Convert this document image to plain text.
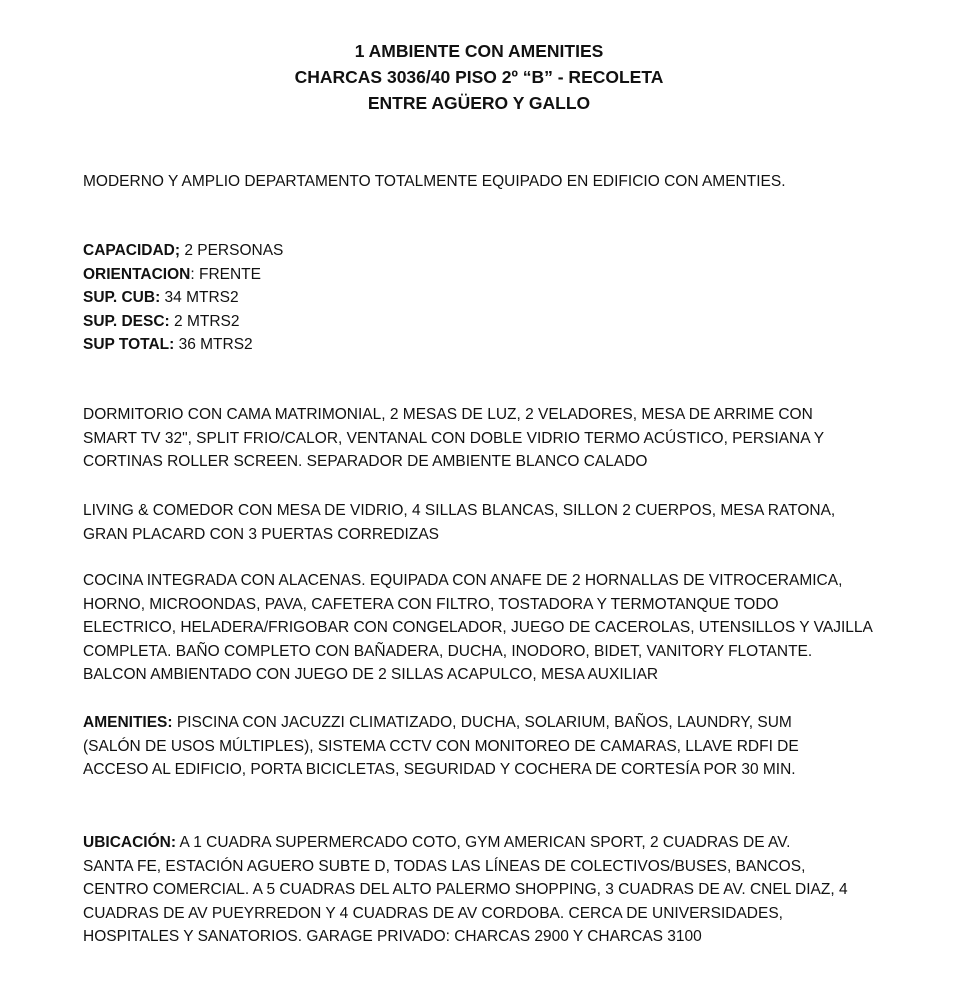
1 AMBIENTE CON AMENITIES
CHARCAS 3036/40 PISO 2º “B” - RECOLETA
ENTRE AGÜERO Y GALLO
MODERNO Y AMPLIO DEPARTAMENTO TOTALMENTE EQUIPADO EN EDIFICIO CON AMENTIES.
CAPACIDAD; 2 PERSONAS
ORIENTACION: FRENTE
SUP. CUB: 34 MTRS2
SUP. DESC: 2 MTRS2
SUP TOTAL: 36 MTRS2
DORMITORIO CON CAMA MATRIMONIAL, 2 MESAS DE LUZ, 2 VELADORES, MESA DE ARRIME CON
SMART TV 32", SPLIT FRIO/CALOR, VENTANAL CON DOBLE VIDRIO TERMO ACÚSTICO, PERSIANA Y
CORTINAS ROLLER SCREEN. SEPARADOR DE AMBIENTE BLANCO CALADO
LIVING & COMEDOR CON MESA DE VIDRIO, 4 SILLAS BLANCAS, SILLON 2 CUERPOS, MESA RATONA,
GRAN PLACARD CON 3 PUERTAS CORREDIZAS
COCINA INTEGRADA CON ALACENAS. EQUIPADA CON ANAFE DE 2 HORNALLAS DE VITROCERAMICA,
HORNO, MICROONDAS, PAVA, CAFETERA CON FILTRO, TOSTADORA Y TERMOTANQUE TODO
ELECTRICO, HELADERA/FRIGOBAR CON CONGELADOR, JUEGO DE CACEROLAS, UTENSILLOS Y VAJILLA
COMPLETA. BAÑO COMPLETO CON BAÑADERA, DUCHA, INODORO, BIDET, VANITORY FLOTANTE.
BALCON AMBIENTADO CON JUEGO DE 2 SILLAS ACAPULCO, MESA AUXILIAR
AMENITIES: PISCINA CON JACUZZI CLIMATIZADO, DUCHA, SOLARIUM, BAÑOS, LAUNDRY, SUM
(SALÓN DE USOS MÚLTIPLES), SISTEMA CCTV CON MONITOREO DE CAMARAS, LLAVE RDFI DE
ACCESO AL EDIFICIO, PORTA BICICLETAS, SEGURIDAD Y COCHERA DE CORTESÍA POR 30 MIN.
UBICACIÓN: A 1 CUADRA SUPERMERCADO COTO, GYM AMERICAN SPORT, 2 CUADRAS DE AV.
SANTA FE, ESTACIÓN AGUERO SUBTE D, TODAS LAS LÍNEAS DE COLECTIVOS/BUSES, BANCOS,
CENTRO COMERCIAL. A 5 CUADRAS DEL ALTO PALERMO SHOPPING, 3 CUADRAS DE AV. CNEL DIAZ, 4
CUADRAS DE AV PUEYRREDON Y 4 CUADRAS DE AV CORDOBA. CERCA DE UNIVERSIDADES,
HOSPITALES Y SANATORIOS. GARAGE PRIVADO: CHARCAS 2900 Y CHARCAS 3100
